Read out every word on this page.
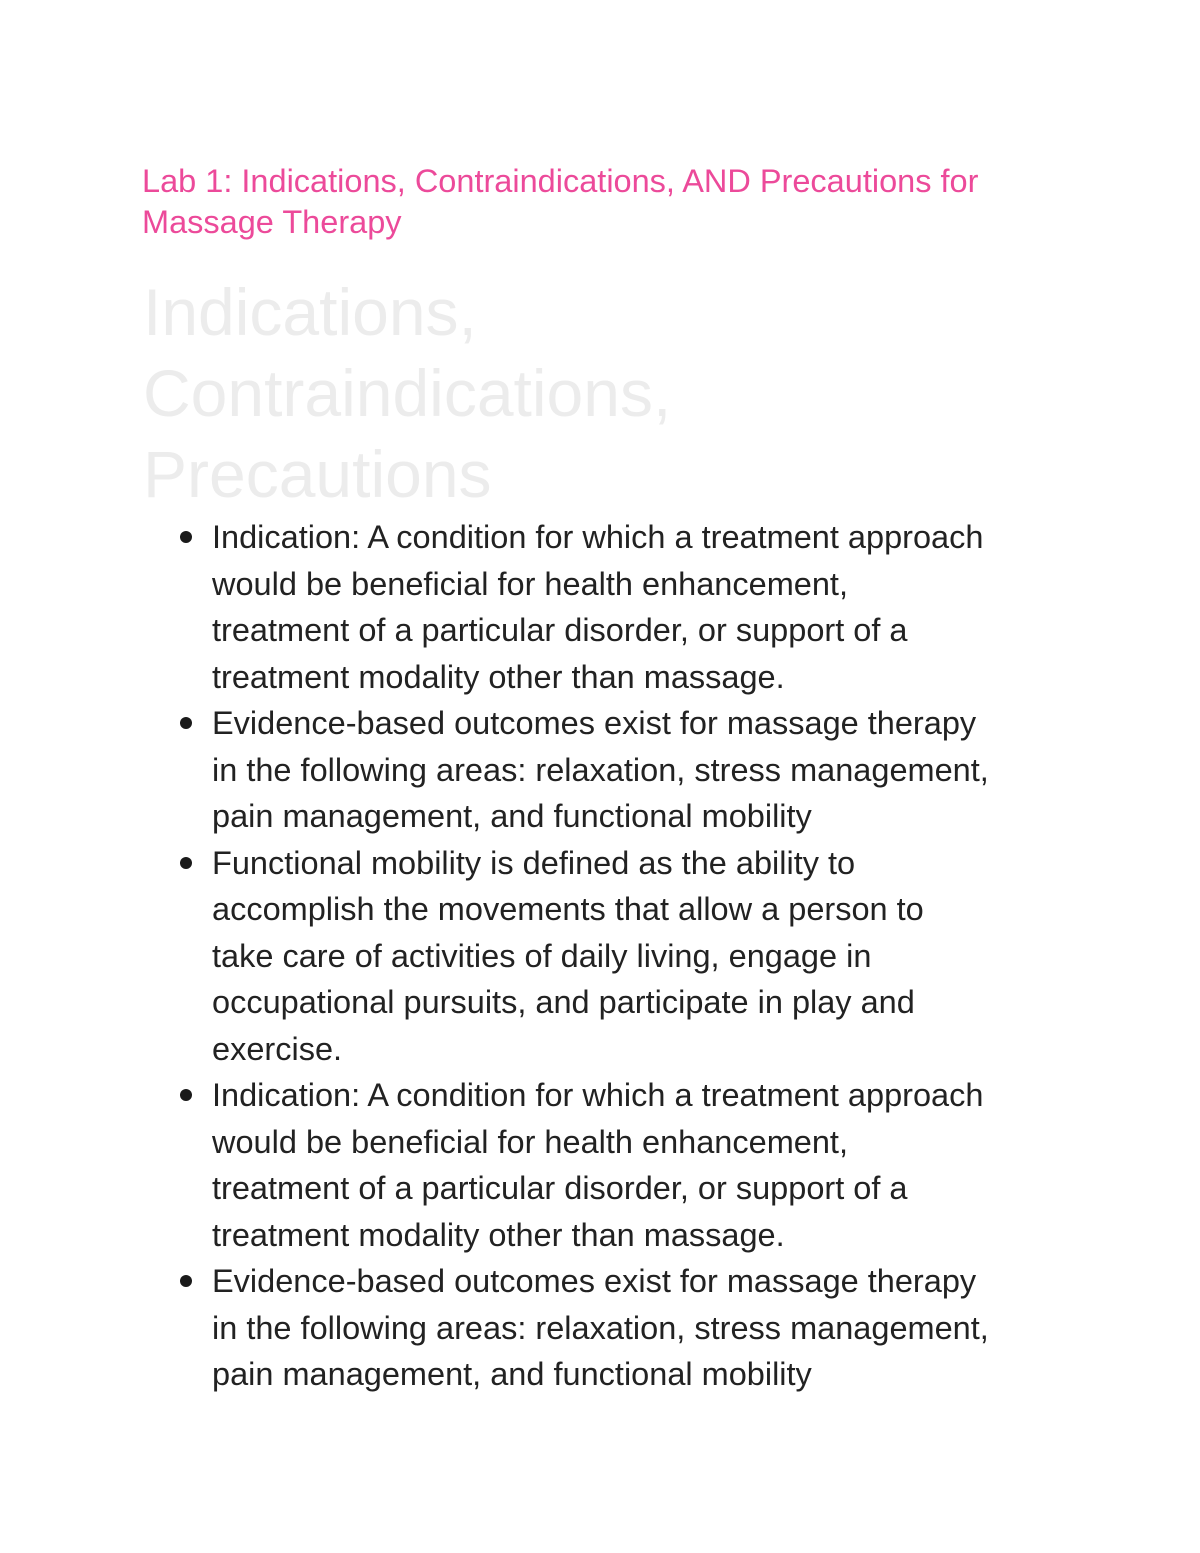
Lab 1: Indications, Contraindications, AND Precautions for Massage Therapy
Indications,
Contraindications,
Precautions
Indication: A condition for which a treatment approach
would be beneficial for health enhancement,
treatment of a particular disorder, or support of a
treatment modality other than massage.
Evidence-based outcomes exist for massage therapy
in the following areas: relaxation, stress management,
pain management, and functional mobility
Functional mobility is defined as the ability to
accomplish the movements that allow a person to
take care of activities of daily living, engage in
occupational pursuits, and participate in play and
exercise.
Indication: A condition for which a treatment approach
would be beneficial for health enhancement,
treatment of a particular disorder, or support of a
treatment modality other than massage.
Evidence-based outcomes exist for massage therapy
in the following areas: relaxation, stress management,
pain management, and functional mobility
